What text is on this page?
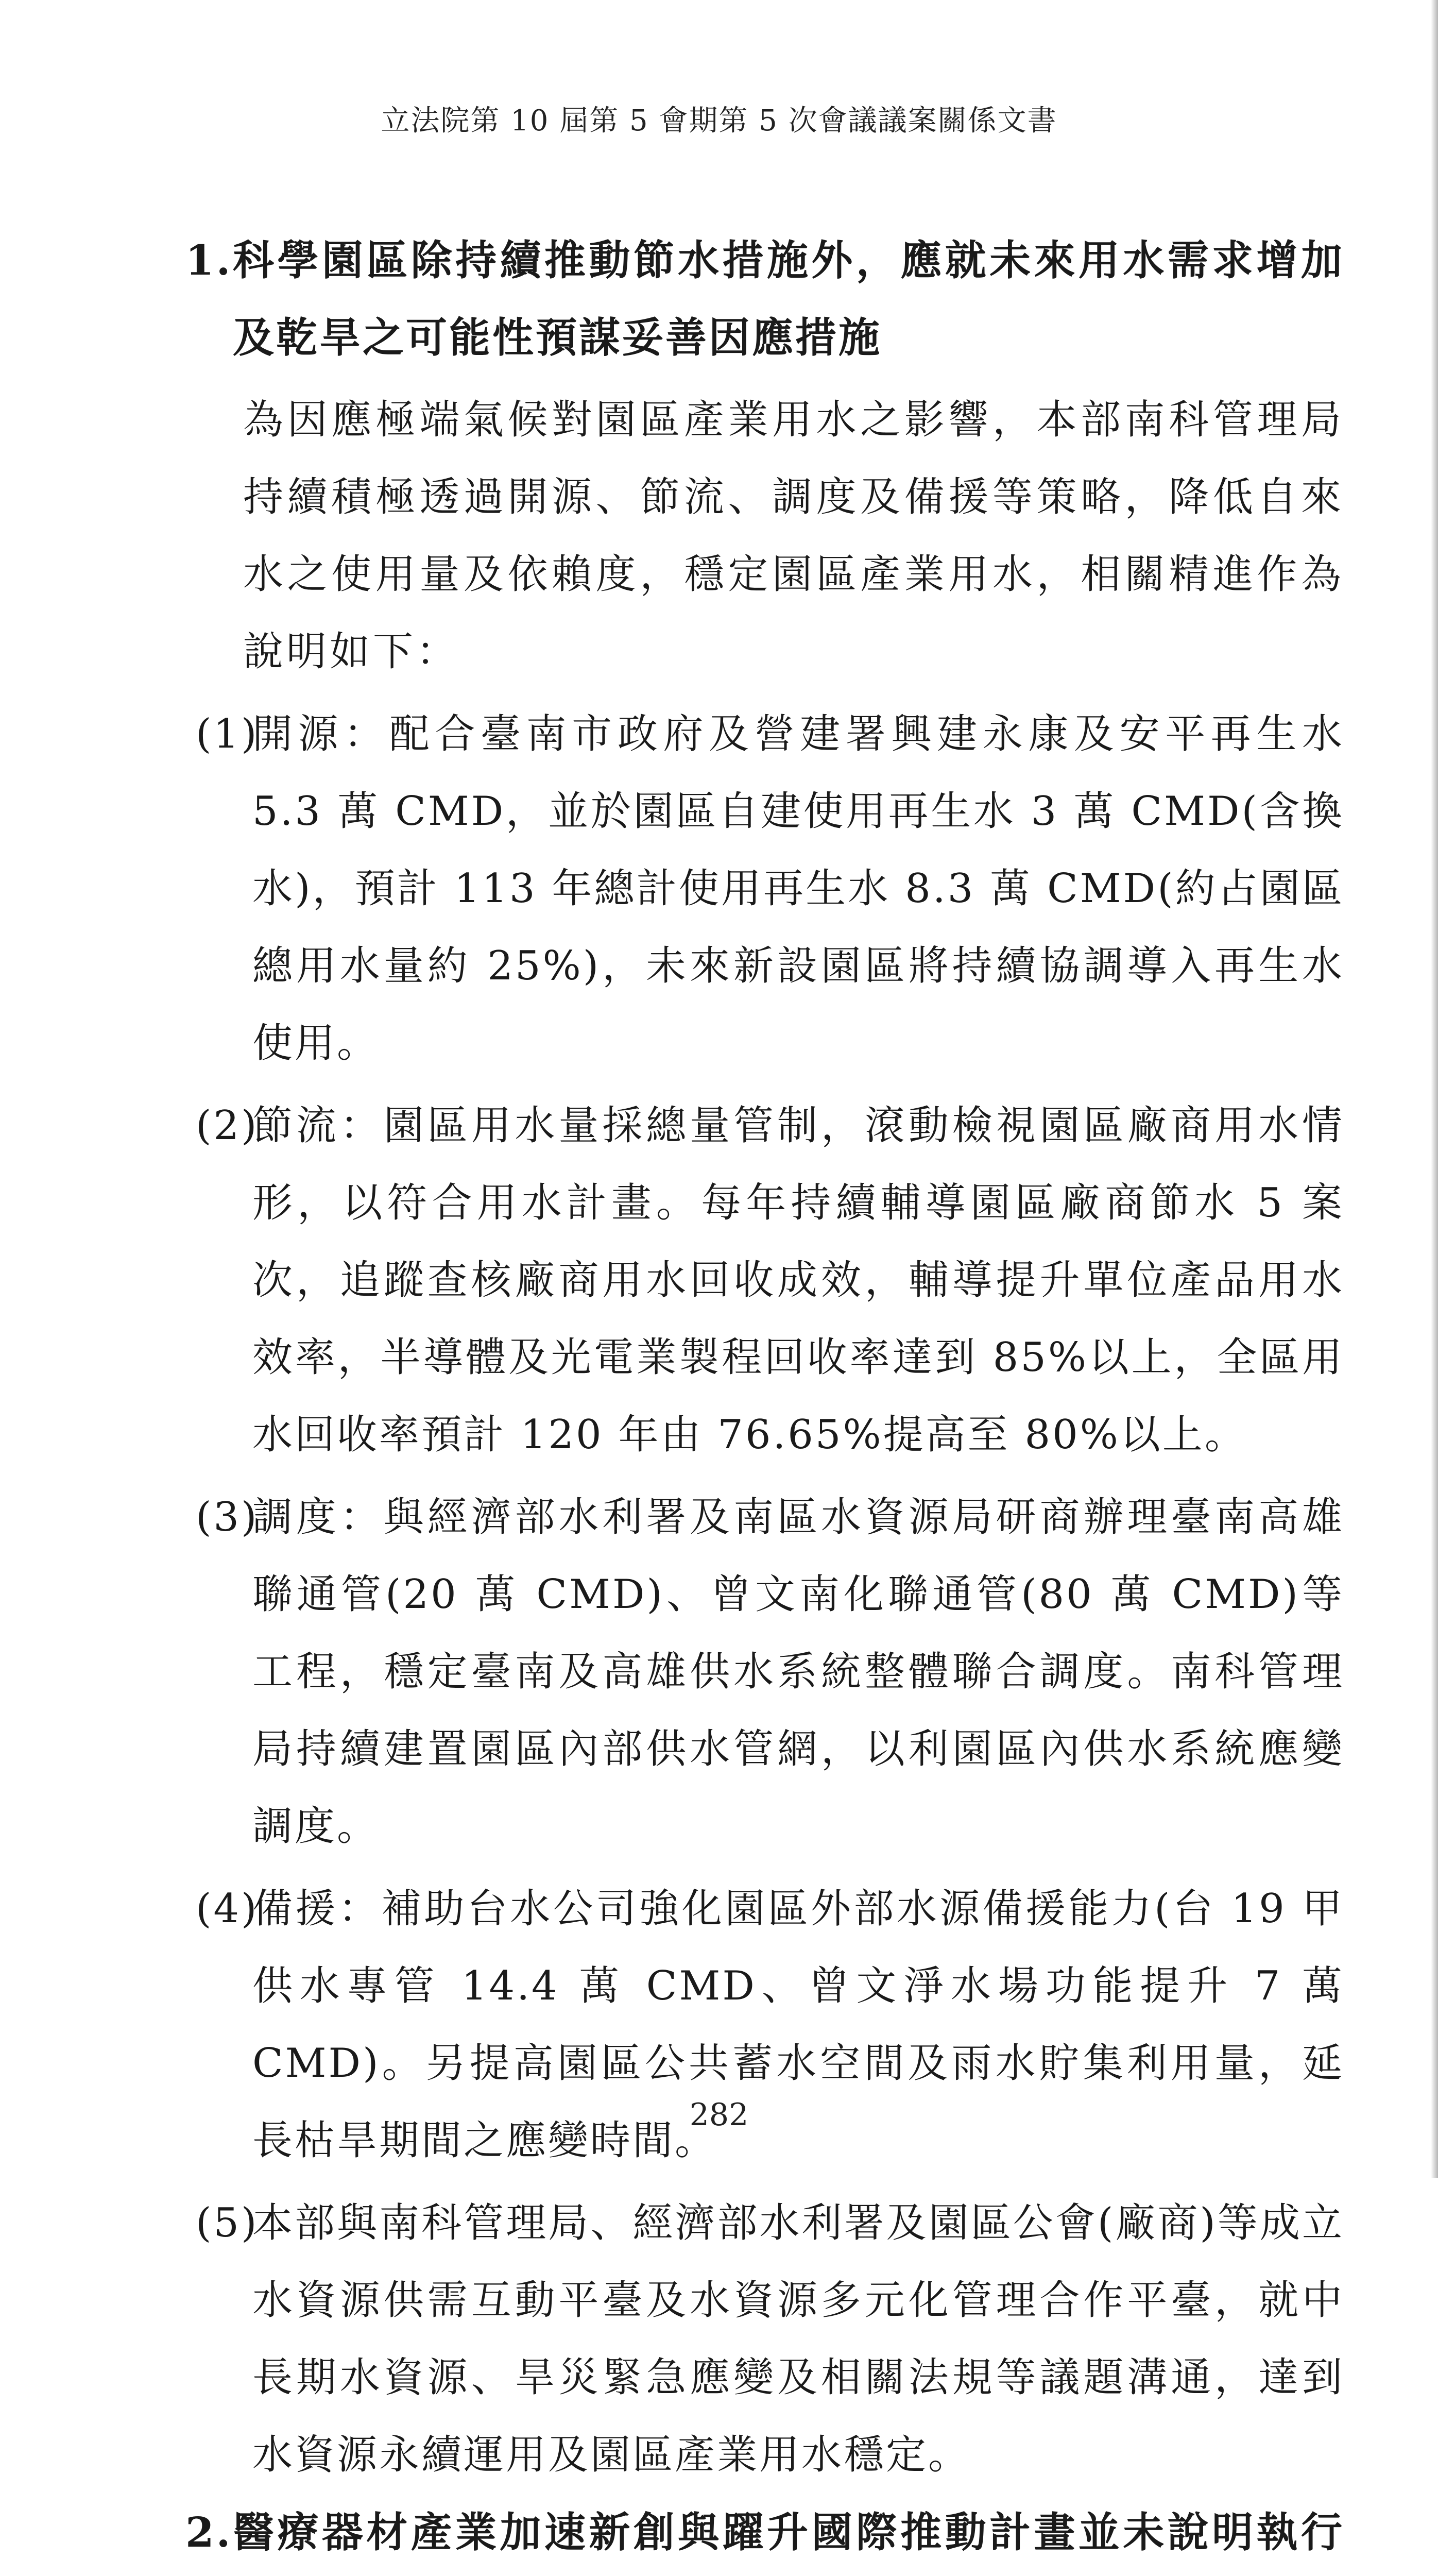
立法院第 10 屆第 5 會期第 5 次會議議案關係文書
1. 科學園區除持續推動節水措施外，應就未來用水需求增加及乾旱之可能性預謀妥善因應措施
為因應極端氣候對園區產業用水之影響，本部南科管理局持續積極透過開源、節流、調度及備援等策略，降低自來水之使用量及依賴度，穩定園區產業用水，相關精進作為說明如下：
(1)
開源：配合臺南市政府及營建署興建永康及安平再生水 5.3 萬 CMD，並於園區自建使用再生水 3 萬 CMD(含換水)，預計 113 年總計使用再生水 8.3 萬 CMD(約占園區總用水量約 25%)，未來新設園區將持續協調導入再生水使用。
(2)
節流：園區用水量採總量管制，滾動檢視園區廠商用水情形，以符合用水計畫。每年持續輔導園區廠商節水 5 案次，追蹤查核廠商用水回收成效，輔導提升單位產品用水效率，半導體及光電業製程回收率達到 85%以上，全區用水回收率預計 120 年由 76.65%提高至 80%以上。
(3)
調度：與經濟部水利署及南區水資源局研商辦理臺南高雄聯通管(20 萬 CMD)、曾文南化聯通管(80 萬 CMD)等工程，穩定臺南及高雄供水系統整體聯合調度。南科管理局持續建置園區內部供水管網，以利園區內供水系統應變調度。
(4)
備援：補助台水公司強化園區外部水源備援能力(台 19 甲供水專管 14.4 萬 CMD、曾文淨水場功能提升 7 萬 CMD)。另提高園區公共蓄水空間及雨水貯集利用量，延長枯旱期間之應變時間。
(5)
本部與南科管理局、經濟部水利署及園區公會(廠商)等成立水資源供需互動平臺及水資源多元化管理合作平臺，就中長期水資源、旱災緊急應變及相關法規等議題溝通，達到水資源永續運用及園區產業用水穩定。
2. 醫療器材產業加速新創與躍升國際推動計畫並未說明執行
282
